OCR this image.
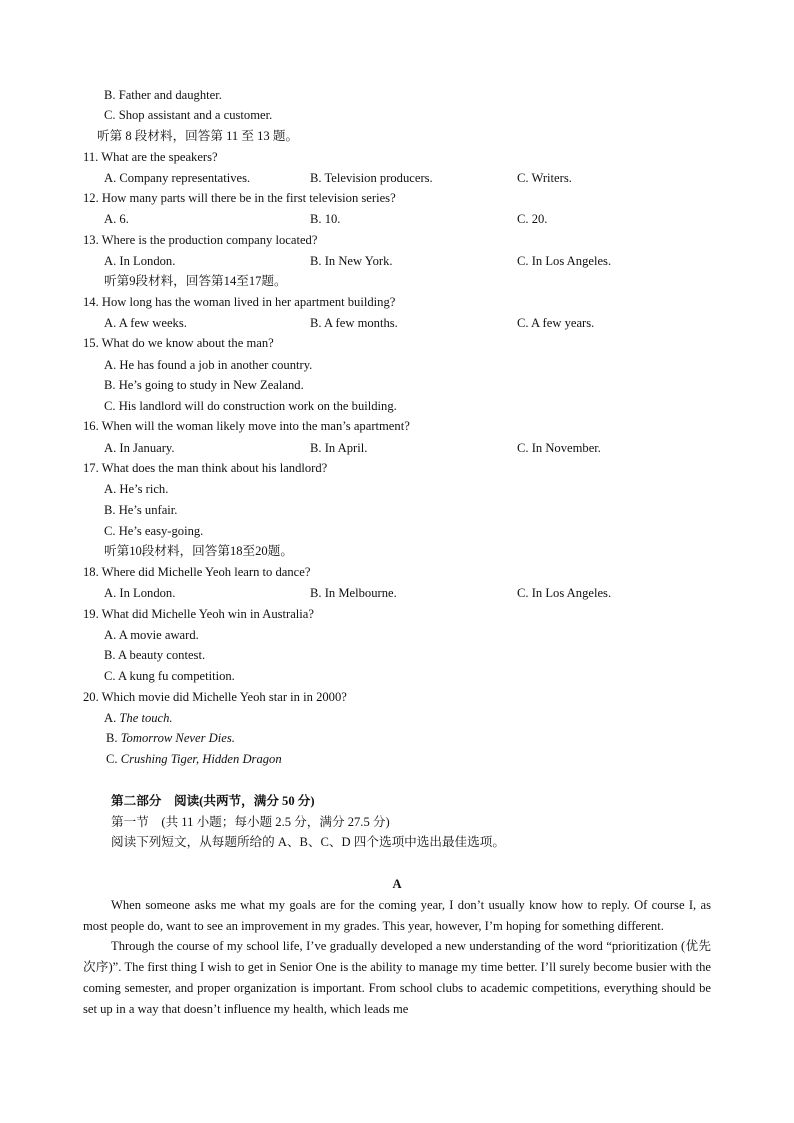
B. Father and daughter.
C. Shop assistant and a customer.
听第 8 段材料，回答第 11 至 13 题。
11. What are the speakers?
A. Company representatives.	B. Television producers.	C. Writers.
12. How many parts will there be in the first television series?
A. 6.	B. 10.	C. 20.
13. Where is the production company located?
A. In London.	B. In New York.	C. In Los Angeles.
听第9段材料，回答第14至17题。
14. How long has the woman lived in her apartment building?
A. A few weeks.	B. A few months.	C. A few years.
15. What do we know about the man?
A. He has found a job in another country.
B. He’s going to study in New Zealand.
C. His landlord will do construction work on the building.
16. When will the woman likely move into the man’s apartment?
A. In January.	B. In April.	C. In November.
17. What does the man think about his landlord?
A. He’s rich.
B. He’s unfair.
C. He’s easy-going.
听第10段材料，回答第18至20题。
18. Where did Michelle Yeoh learn to dance?
A. In London.	B. In Melbourne.	C. In Los Angeles.
19. What did Michelle Yeoh win in Australia?
A. A movie award.
B. A beauty contest.
C. A kung fu competition.
20. Which movie did Michelle Yeoh star in in 2000?
A. The touch.
B. Tomorrow Never Dies.
C. Crushing Tiger, Hidden Dragon
第二部分　阅读(共两节，满分 50 分)
第一节　(共 11 小题；每小题 2.5 分，满分 27.5 分)
阅读下列短文，从每题所给的 A、B、C、D 四个选项中选出最佳选项。
A

When someone asks me what my goals are for the coming year, I don’t usually know how to reply. Of course I, as most people do, want to see an improvement in my grades. This year, however, I’m hoping for something different.

Through the course of my school life, I’ve gradually developed a new understanding of the word “prioritization (优先次序)”. The first thing I wish to get in Senior One is the ability to manage my time better. I’ll surely become busier with the coming semester, and proper organization is important. From school clubs to academic competitions, everything should be set up in a way that doesn’t influence my health, which leads me
